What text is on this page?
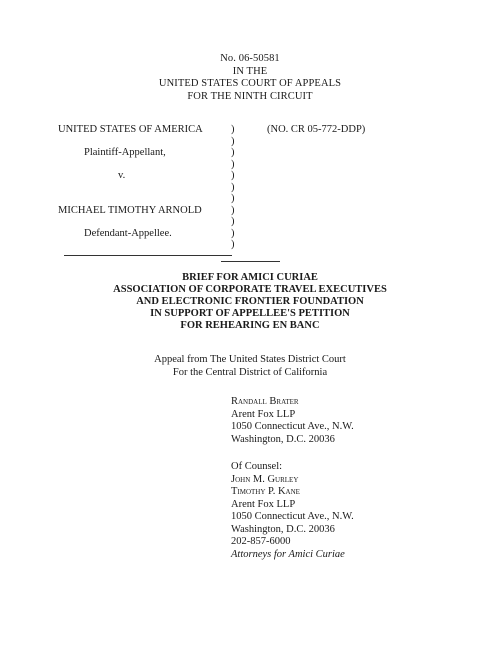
No. 06-50581
IN THE
UNITED STATES COURT OF APPEALS
FOR THE NINTH CIRCUIT
UNITED STATES OF AMERICA	)	(NO. CR 05-772-DDP)
)
Plaintiff-Appellant,	)
)
v.	)
)
)
MICHAEL TIMOTHY ARNOLD	)
)
Defendant-Appellee.	)
)
BRIEF FOR AMICI CURIAE
ASSOCIATION OF CORPORATE TRAVEL EXECUTIVES
AND ELECTRONIC FRONTIER FOUNDATION
IN SUPPORT OF APPELLEE'S PETITION
FOR REHEARING EN BANC
Appeal from The United States District Court
For the Central District of California
Randall Brater
Arent Fox LLP
1050 Connecticut Ave., N.W.
Washington, D.C. 20036
Of Counsel:
John M. Gurley
Timothy P. Kane
Arent Fox LLP
1050 Connecticut Ave., N.W.
Washington, D.C. 20036
202-857-6000
Attorneys for Amici Curiae
